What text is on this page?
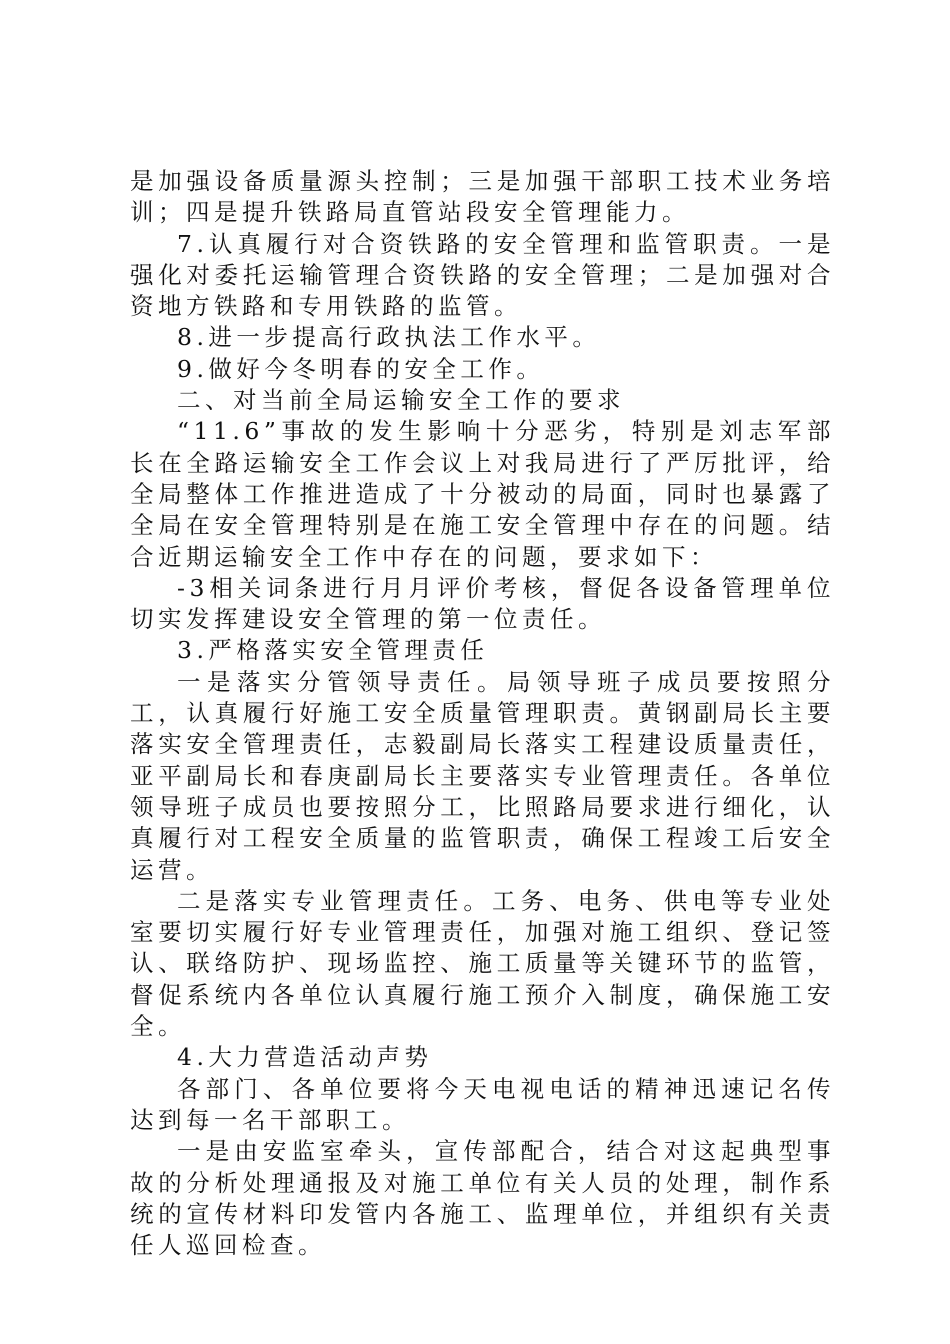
是加强设备质量源头控制；三是加强干部职工技术业务培训；四是提升铁路局直管站段安全管理能力。

7.认真履行对合资铁路的安全管理和监管职责。一是强化对委托运输管理合资铁路的安全管理；二是加强对合资地方铁路和专用铁路的监管。

8.进一步提高行政执法工作水平。

9.做好今冬明春的安全工作。

二、对当前全局运输安全工作的要求

“11.6”事故的发生影响十分恶劣，特别是刘志军部长在全路运输安全工作会议上对我局进行了严厉批评，给全局整体工作推进造成了十分被动的局面，同时也暴露了全局在安全管理特别是在施工安全管理中存在的问题。结合近期运输安全工作中存在的问题，要求如下：

-3相关词条进行月月评价考核，督促各设备管理单位切实发挥建设安全管理的第一位责任。

3.严格落实安全管理责任

一是落实分管领导责任。局领导班子成员要按照分工，认真履行好施工安全质量管理职责。黄钢副局长主要落实安全管理责任，志毅副局长落实工程建设质量责任，亚平副局长和春庚副局长主要落实专业管理责任。各单位领导班子成员也要按照分工，比照路局要求进行细化，认真履行对工程安全质量的监管职责，确保工程竣工后安全运营。

二是落实专业管理责任。工务、电务、供电等专业处室要切实履行好专业管理责任，加强对施工组织、登记签认、联络防护、现场监控、施工质量等关键环节的监管，督促系统内各单位认真履行施工预介入制度，确保施工安全。

4.大力营造活动声势

各部门、各单位要将今天电视电话的精神迅速记名传达到每一名干部职工。

一是由安监室牵头，宣传部配合，结合对这起典型事故的分析处理通报及对施工单位有关人员的处理，制作系统的宣传材料印发管内各施工、监理单位，并组织有关责任人巡回检查。
